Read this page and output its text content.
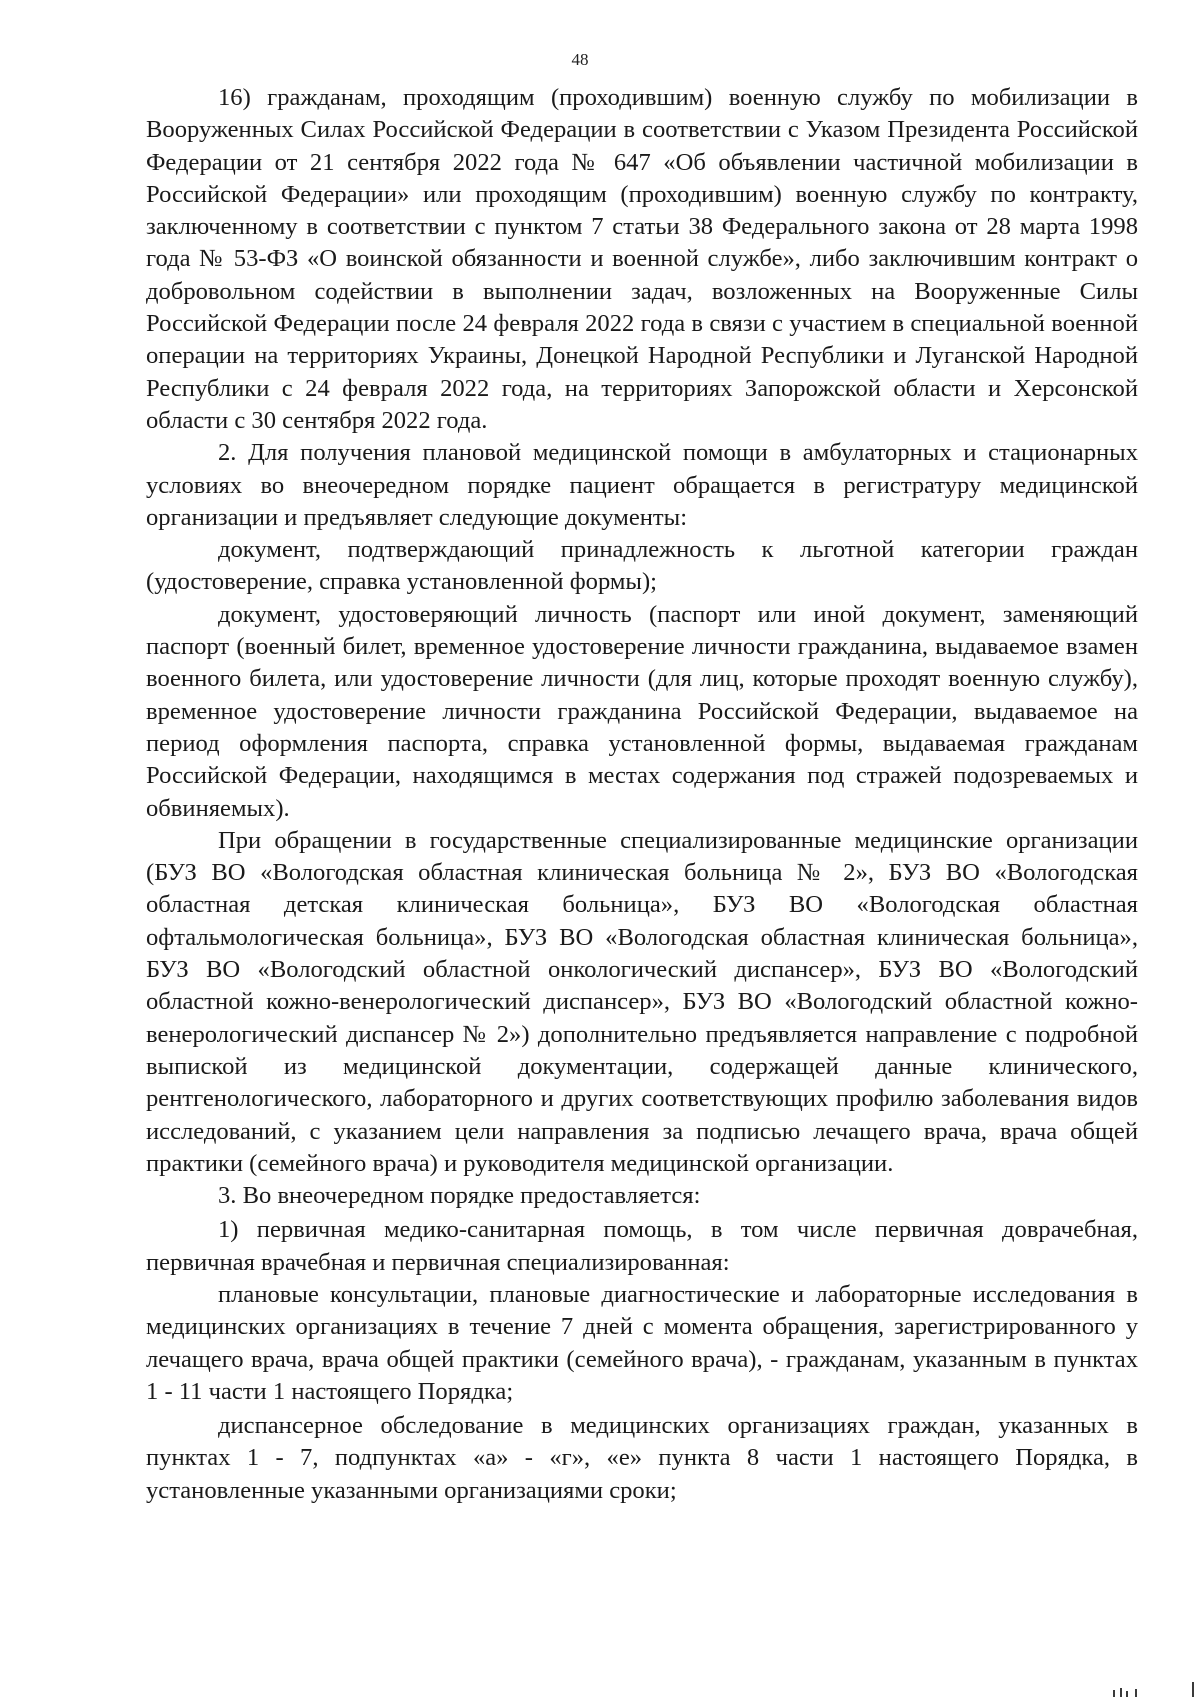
48

16) гражданам, проходящим (проходившим) военную службу по мобилизации в Вооруженных Силах Российской Федерации в соответствии с Указом Президента Российской Федерации от 21 сентября 2022 года № 647 «Об объявлении частичной мобилизации в Российской Федерации» или проходящим (проходившим) военную службу по контракту, заключенному в соответствии с пунктом 7 статьи 38 Федерального закона от 28 марта 1998 года № 53-ФЗ «О воинской обязанности и военной службе», либо заключившим контракт о добровольном содействии в выполнении задач, возложенных на Вооруженные Силы Российской Федерации после 24 февраля 2022 года в связи с участием в специальной военной операции на территориях Украины, Донецкой Народной Республики и Луганской Народной Республики с 24 февраля 2022 года, на территориях Запорожской области и Херсонской области с 30 сентября 2022 года.

2. Для получения плановой медицинской помощи в амбулаторных и стационарных условиях во внеочередном порядке пациент обращается в регистратуру медицинской организации и предъявляет следующие документы:

документ, подтверждающий принадлежность к льготной категории граждан (удостоверение, справка установленной формы);

документ, удостоверяющий личность (паспорт или иной документ, заменяющий паспорт (военный билет, временное удостоверение личности гражданина, выдаваемое взамен военного билета, или удостоверение личности (для лиц, которые проходят военную службу), временное удостоверение личности гражданина Российской Федерации, выдаваемое на период оформления паспорта, справка установленной формы, выдаваемая гражданам Российской Федерации, находящимся в местах содержания под стражей подозреваемых и обвиняемых).

При обращении в государственные специализированные медицинские организации (БУЗ ВО «Вологодская областная клиническая больница № 2», БУЗ ВО «Вологодская областная детская клиническая больница», БУЗ ВО «Вологодская областная офтальмологическая больница», БУЗ ВО «Вологодская областная клиническая больница», БУЗ ВО «Вологодский областной онкологический диспансер», БУЗ ВО «Вологодский областной кожно-венерологический диспансер», БУЗ ВО «Вологодский областной кожно-венерологический диспансер № 2») дополнительно предъявляется направление с подробной выпиской из медицинской документации, содержащей данные клинического, рентгенологического, лабораторного и других соответствующих профилю заболевания видов исследований, с указанием цели направления за подписью лечащего врача, врача общей практики (семейного врача) и руководителя медицинской организации.

3. Во внеочередном порядке предоставляется:

1) первичная медико-санитарная помощь, в том числе первичная доврачебная, первичная врачебная и первичная специализированная:

плановые консультации, плановые диагностические и лабораторные исследования в медицинских организациях в течение 7 дней с момента обращения, зарегистрированного у лечащего врача, врача общей практики (семейного врача), - гражданам, указанным в пунктах 1 - 11 части 1 настоящего Порядка;

диспансерное обследование в медицинских организациях граждан, указанных в пунктах 1 - 7, подпунктах «а» - «г», «е» пункта 8 части 1 настоящего Порядка, в установленные указанными организациями сроки;
